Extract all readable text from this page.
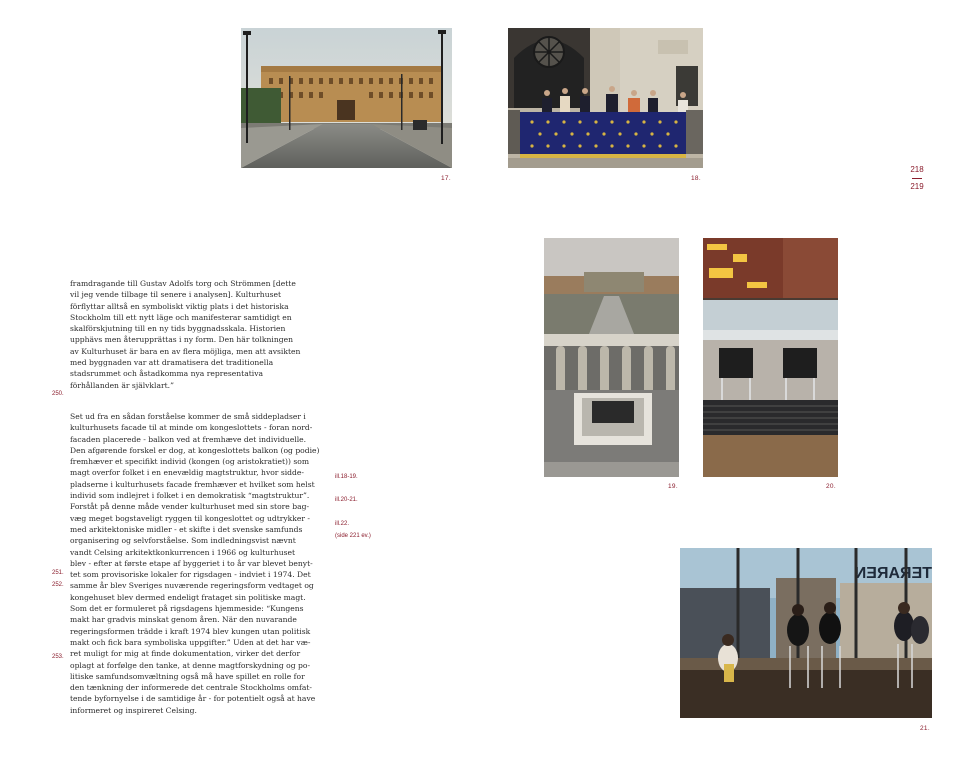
17.	18.
218
219
19.	20.
TERAREN
21.
framdragande till Gustav Adolfs torg och Strömmen [dette
vil jeg vende tilbage til senere i analysen]. Kulturhuset
förflyttar alltså en symboliskt viktig plats i det historiska
Stockholm till ett nytt läge och manifesterar samtidigt en
skalförskjutning till en ny tids byggnadsskala. Historien
upphävs men återupprättas i ny form. Den här tolkningen
av Kulturhuset är bara en av flera möjliga, men att avsikten
med byggnaden var att dramatisera det traditionella
stadsrummet och åstadkomma nya representativa
förhållanden är självklart.”
Set ud fra en sådan forståelse kommer de små siddepladser i
kulturhusets facade til at minde om kongeslottets - foran nord-
facaden placerede - balkon ved at fremhæve det individuelle.
Den afgørende forskel er dog, at kongeslottets balkon (og podie)
fremhæver et specifikt individ (kongen (og aristokratiet)) som
magt overfor folket i en enevældig magtstruktur, hvor sidde-
pladserne i kulturhusets facade fremhæver et hvilket som helst
individ som indlejret i folket i en demokratisk “magtstruktur”.
Forståt på denne måde vender kulturhuset med sin store bag-
væg meget bogstaveligt ryggen til kongeslottet og udtrykker -
med arkitektoniske midler - et skifte i det svenske samfunds
organisering og selvforståelse. Som indledningsvist nævnt
vandt Celsing arkitektkonkurrencen i 1966 og kulturhuset
blev - efter at første etape af byggeriet i to år var blevet benyt-
tet som provisoriske lokaler for rigsdagen - indviet i 1974. Det
samme år blev Sveriges nuværende regeringsform vedtaget og
kongehuset blev dermed endeligt frataget sin politiske magt.
Som det er formuleret på rigsdagens hjemmeside: “Kungens
makt har gradvis minskat genom åren. När den nuvarande
regeringsformen trädde i kraft 1974 blev kungen utan politisk
makt och fick bara symboliska uppgifter.” Uden at det har væ-
ret muligt for mig at finde dokumentation, virker det derfor
oplagt at forfølge den tanke, at denne magtforskydning og po-
litiske samfundsomvæltning også må have spillet en rolle for
den tænkning der informerede det centrale Stockholms omfat-
tende byfornyelse i de samtidige år - for potentielt også at have
informeret og inspireret Celsing.
250.
251.
252.
253.
ill.18-19.
ill.20-21.
ill.22.
(side 221 ev.)
